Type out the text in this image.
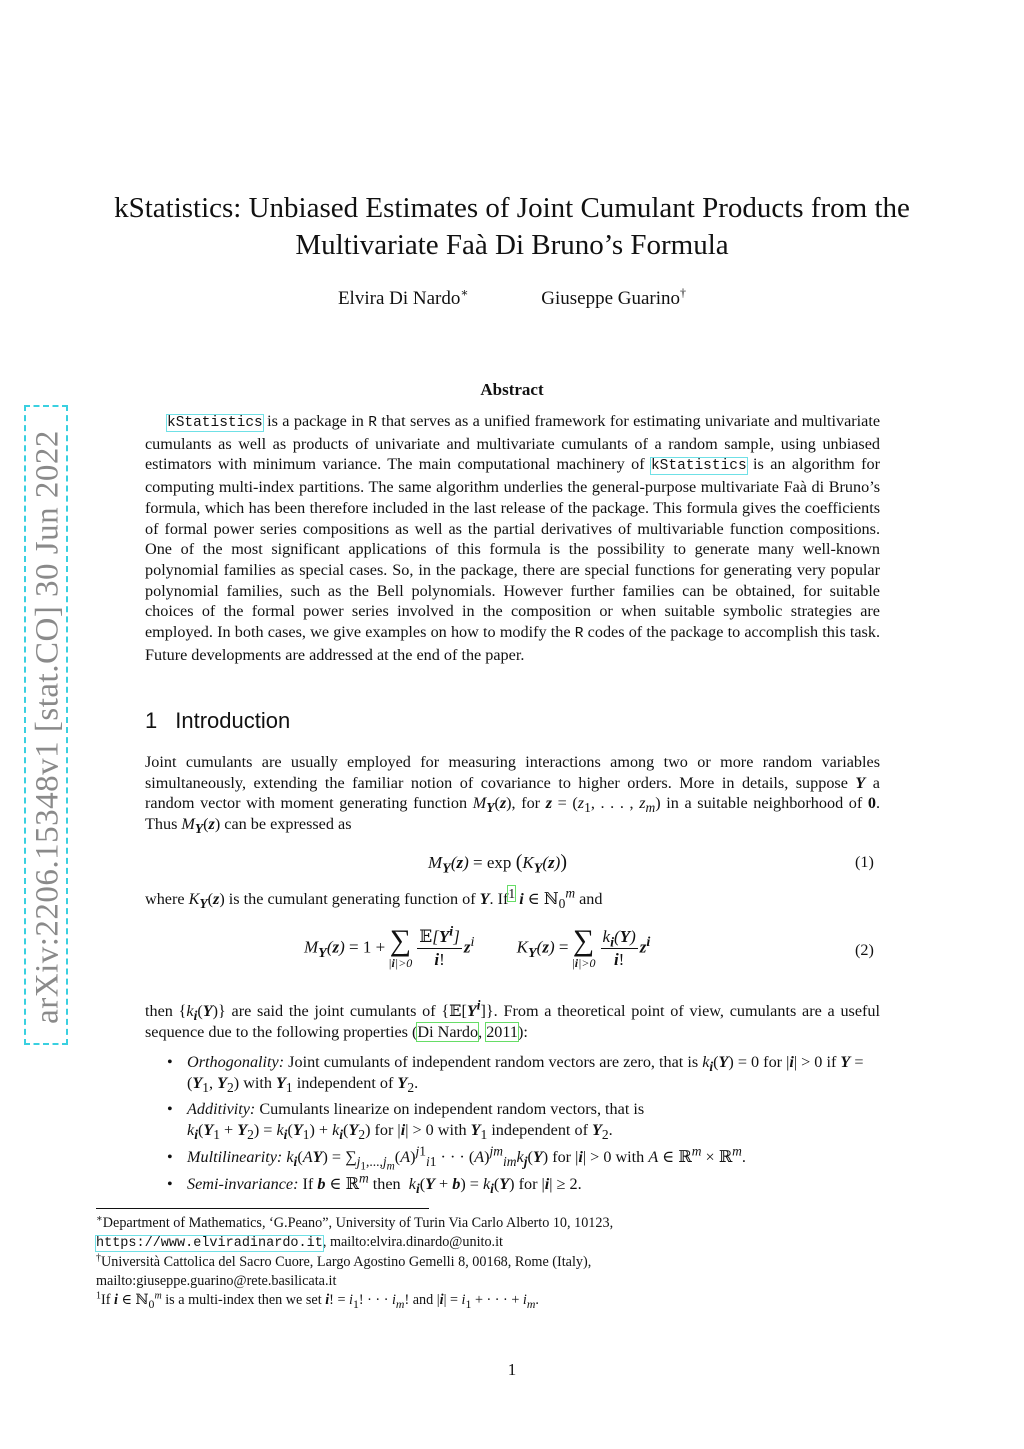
arXiv:2206.15348v1 [stat.CO] 30 Jun 2022
kStatistics: Unbiased Estimates of Joint Cumulant Products from the
Multivariate Faà Di Bruno’s Formula
Elvira Di Nardo∗	Giuseppe Guarino†
Abstract
kStatistics is a package in R that serves as a unified framework for estimating univariate and multivariate cumulants as well as products of univariate and multivariate cumulants of a random sample, using unbiased estimators with minimum variance. The main computational machinery of kStatistics is an algorithm for computing multi-index partitions. The same algorithm underlies the general-purpose multivariate Faà di Bruno’s formula, which has been therefore included in the last release of the package. This formula gives the coefficients of formal power series compositions as well as the partial derivatives of multivariable function compositions. One of the most significant applications of this formula is the possibility to generate many well-known polynomial families as special cases. So, in the package, there are special functions for generating very popular polynomial families, such as the Bell polynomials. However further families can be obtained, for suitable choices of the formal power series involved in the composition or when suitable symbolic strategies are employed. In both cases, we give examples on how to modify the R codes of the package to accomplish this task. Future developments are addressed at the end of the paper.
1 Introduction
Joint cumulants are usually employed for measuring interactions among two or more random variables simultaneously, extending the familiar notion of covariance to higher orders. More in details, suppose Y a random vector with moment generating function $M_Y(z)$, for $z = (z_1$, . . . , $z_m$) in a suitable neighborhood of 0. Thus $M_Y(z)$ can be expressed as
$M_Y(z) = \exp (K_Y(z))$	(1)
where $K_Y(z)$ is the cumulant generating function of Y. If$^1$ i ∈ ℕ$_0^m$ and
$M_Y(z) = 1$ + ∑
$|i|>0 \frac{𝔼[Y^i]}{i!} z^i$ $K_Y(z)$ = ∑
$|i|>0 \frac{k_i(Y)}{i!} z^i$	(2)
then $\{k_i(Y)\}$ are said the joint cumulants of $\{𝔼[Y^i]\}$. From a theoretical point of view, cumulants are a useful sequence due to the following properties (Di Nardo, 2011):
• Orthogonality: Joint cumulants of independent random vectors are zero, that is $k_i(Y) = 0$ for |i| > 0 if $Y = (Y_1$, $Y_2$) with $Y_1$ independent of $Y_2$.
• Additivity: Cumulants linearize on independent random vectors, that is
$k_i(Y_1 + Y_2) = k_i(Y_1) + k_i(Y_2)$ for |i| > 0 with $Y_1$ independent of $Y_2$.
• Multilinearity: $k_i(AY) = \sum_{j_1,...,j_m}(A)^{j1}_{i1}$ · · · $(A)^{jm}_{im}k_j(Y)$ for |i| > 0 with A ∈ ℝ$^m$ × ℝ$^m$.
• Semi-invariance: If b ∈ ℝ$^m$ then  $k_i(Y + b) = k_i(Y)$ for |i| ≥ 2.
∗Department of Mathematics, ‘G.Peano”, University of Turin Via Carlo Alberto 10, 10123,
https://www.elviradinardo.it, mailto:elvira.dinardo@unito.it
†Università Cattolica del Sacro Cuore, Largo Agostino Gemelli 8, 00168, Rome (Italy),
mailto:giuseppe.guarino@rete.basilicata.it
$^1$If i ∈ ℕ$_0^m$ is a multi-index then we set i! = $i_1$! · · · $i_m$! and $|i| = i_1$ + · · · + $i_m$.
1
